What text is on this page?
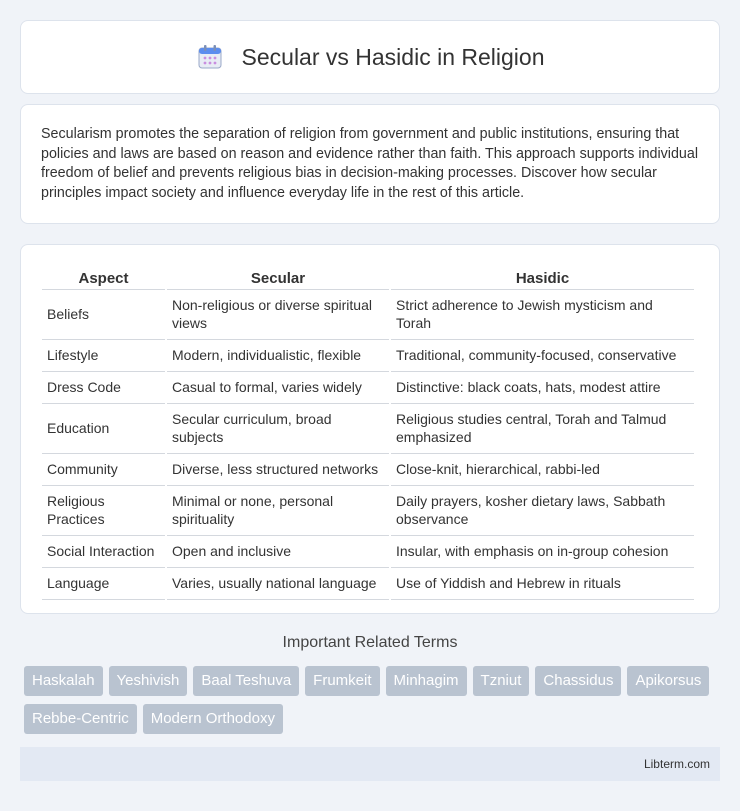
Secular vs Hasidic in Religion

Secularism promotes the separation of religion from government and public institutions, ensuring that policies and laws are based on reason and evidence rather than faith. This approach supports individual freedom of belief and prevents religious bias in decision-making processes. Discover how secular principles impact society and influence everyday life in the rest of this article.

Aspect	Secular	Hasidic
Beliefs	Non-religious or diverse spiritual views	Strict adherence to Jewish mysticism and Torah
Lifestyle	Modern, individualistic, flexible	Traditional, community-focused, conservative
Dress Code	Casual to formal, varies widely	Distinctive: black coats, hats, modest attire
Education	Secular curriculum, broad subjects	Religious studies central, Torah and Talmud emphasized
Community	Diverse, less structured networks	Close-knit, hierarchical, rabbi-led
Religious Practices	Minimal or none, personal spirituality	Daily prayers, kosher dietary laws, Sabbath observance
Social Interaction	Open and inclusive	Insular, with emphasis on in-group cohesion
Language	Varies, usually national language	Use of Yiddish and Hebrew in rituals
Important Related Terms
Haskalah	Yeshivish	Baal Teshuva	Frumkeit	Minhagim	Tzniut	Chassidus	Apikorsus
Rebbe-Centric	Modern Orthodoxy
Libterm.com
